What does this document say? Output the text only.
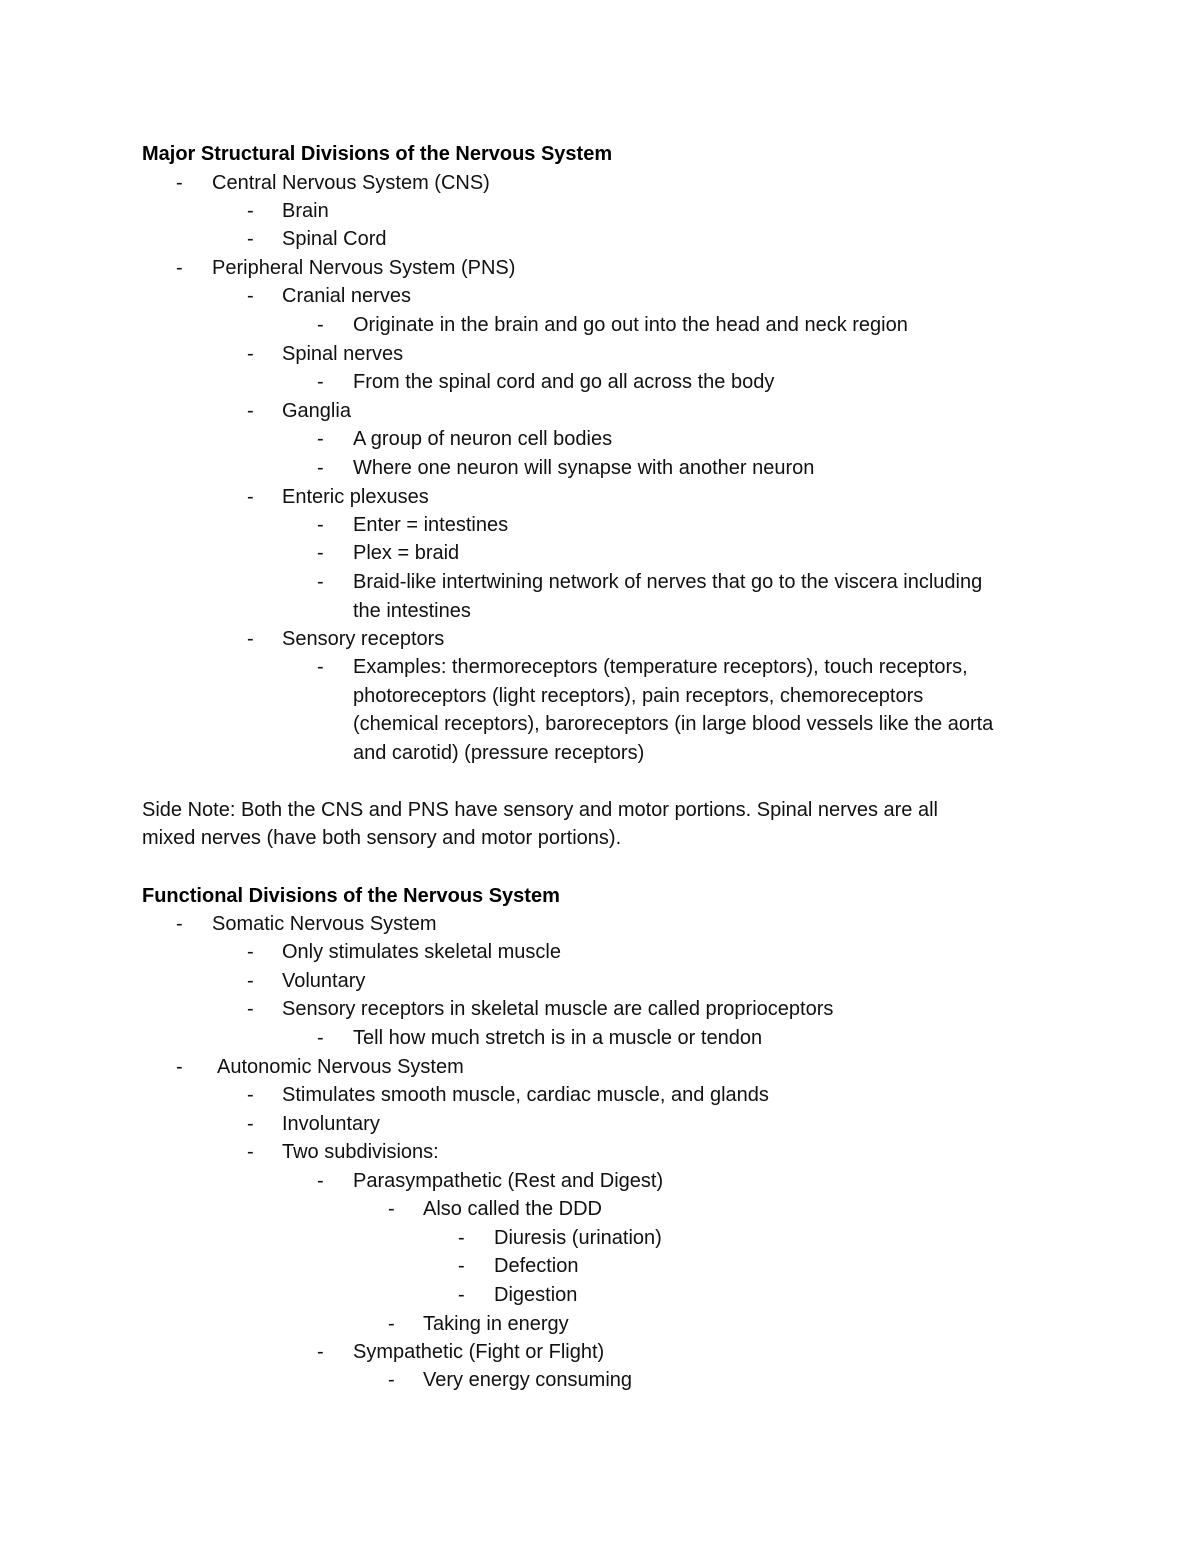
Major Structural Divisions of the Nervous System
- Central Nervous System (CNS)
- Brain
- Spinal Cord
- Peripheral Nervous System (PNS)
- Cranial nerves
- Originate in the brain and go out into the head and neck region
- Spinal nerves
- From the spinal cord and go all across the body
- Ganglia
- A group of neuron cell bodies
- Where one neuron will synapse with another neuron
- Enteric plexuses
- Enter = intestines
- Plex = braid
- Braid-like intertwining network of nerves that go to the viscera including
the intestines
- Sensory receptors
- Examples: thermoreceptors (temperature receptors), touch receptors,
photoreceptors (light receptors), pain receptors, chemoreceptors
(chemical receptors), baroreceptors (in large blood vessels like the aorta
and carotid) (pressure receptors)
Side Note: Both the CNS and PNS have sensory and motor portions. Spinal nerves are all
mixed nerves (have both sensory and motor portions).
Functional Divisions of the Nervous System
- Somatic Nervous System
- Only stimulates skeletal muscle
- Voluntary
- Sensory receptors in skeletal muscle are called proprioceptors
- Tell how much stretch is in a muscle or tendon
- Autonomic Nervous System
- Stimulates smooth muscle, cardiac muscle, and glands
- Involuntary
- Two subdivisions:
- Parasympathetic (Rest and Digest)
- Also called the DDD
- Diuresis (urination)
- Defection
- Digestion
- Taking in energy
- Sympathetic (Fight or Flight)
- Very energy consuming
